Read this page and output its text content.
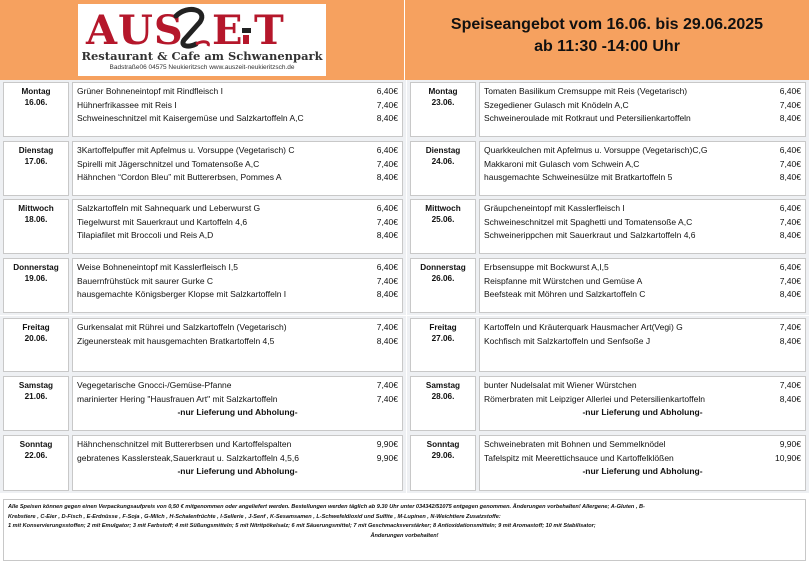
AUS E T
Restaurant & Cafe am Schwanenpark
Badstraße06 04575 Neukieritzsch www.auszeit-neukieritzsch.de
Speiseangebot vom 16.06. bis 29.06.2025
ab 11:30 -14:00 Uhr
Montag
16.06.
Grüner Bohneneintopf mit Rindfleisch I	6,40€
Hühnerfrikassee mit Reis I	7,40€
Schweineschnitzel mit Kaisergemüse und Salzkartoffeln A,C	8,40€
Dienstag
17.06.
3Kartoffelpuffer mit Apfelmus u. Vorsuppe (Vegetarisch) C	6,40€
Spirelli mit Jägerschnitzel und Tomatensoße A,C	7,40€
Hähnchen “Cordon Bleu” mit Buttererbsen, Pommes A	8,40€
Mittwoch
18.06.
Salzkartoffeln mit Sahnequark und Leberwurst G	6,40€
Tiegelwurst mit Sauerkraut und Kartoffeln 4,6	7,40€
Tilapiafilet mit Broccoli und Reis A,D	8,40€
Donnerstag
19.06.
Weise Bohneneintopf mit Kasslerfleisch I,5	6,40€
Bauernfrühstück mit saurer Gurke C	7,40€
hausgemachte Königsberger Klopse mit Salzkartoffeln I	8,40€
Freitag
20.06.
Gurkensalat mit Rührei und Salzkartoffeln (Vegetarisch)	7,40€
Zigeunersteak mit hausgemachten Bratkartoffeln 4,5	8,40€
Samstag
21.06.
Vegegetarische Gnocci-/Gemüse-Pfanne	7,40€
marinierter Hering "Hausfrauen Art" mit Salzkartoffeln	7,40€
-nur Lieferung und Abholung-
Sonntag
22.06.
Hähnchenschnitzel mit Buttererbsen und Kartoffelspalten	9,90€
gebratenes Kasslersteak,Sauerkraut u. Salzkartoffeln 4,5,6	9,90€
-nur Lieferung und Abholung-
Montag
23.06.
Tomaten Basilikum Cremsuppe mit Reis (Vegetarisch)	6,40€
Szegediener Gulasch mit Knödeln A,C	7,40€
Schweineroulade mit Rotkraut und Petersilienkartoffeln	8,40€
Dienstag
24.06.
Quarkkeulchen mit Apfelmus u. Vorsuppe (Vegetarisch)C,G	6,40€
Makkaroni mit Gulasch vom Schwein A,C	7,40€
hausgemachte Schweinesülze mit Bratkartoffeln 5	8,40€
Mittwoch
25.06.
Gräupcheneintopf mit Kasslerfleisch I	6,40€
Schweineschnitzel mit Spaghetti und Tomatensoße A,C	7,40€
Schweinerippchen mit Sauerkraut und Salzkartoffeln 4,6	8,40€
Donnerstag
26.06.
Erbsensuppe mit Bockwurst A,I,5	6,40€
Reispfanne mit Würstchen und Gemüse A	7,40€
Beefsteak mit Möhren und Salzkartoffeln C	8,40€
Freitag
27.06.
Kartoffeln und Kräuterquark Hausmacher Art(Vegi) G	7,40€
Kochfisch mit Salzkartoffeln und Senfsoße J	8,40€
Samstag
28.06.
bunter Nudelsalat mit Wiener Würstchen	7,40€
Römerbraten mit Leipziger Allerlei und Petersilienkartoffeln	8,40€
-nur Lieferung und Abholung-
Sonntag
29.06.
Schweinebraten mit Bohnen und Semmelknödel	9,90€
Tafelspitz mit Meerettichsauce und Kartoffelklößen	10,90€
-nur Lieferung und Abholung-
Alle Speisen können gegen einen Verpackungsaufpreis von 0,50 € mitgenommen oder angeliefert werden. Bestellungen werden täglich ab 9.30 Uhr unter 034342/51075 entgegen genommen. Änderungen vorbehalten! Allergene; A-Gluten , B-
Krebstiere , C-Eier , D-Fisch , E-Erdnüsse , F-Soja , G-Milch , H-Schalenfrüchte , I-Sellerie , J-Senf , K-Sesamsamen , L-Schwefeldioxid und Sulfite , M-Lupinen , N-Weichtiere Zusatzstoffe:
1 mit Konservierungsstoffen; 2 mit Emulgator; 3 mit Farbstoff; 4 mit Süßungsmitteln; 5 mit Nitritpökelsalz; 6 mit Säuerungsmittel; 7 mit Geschmacksverstärker; 8 Antioxidationsmitteln; 9 mit Aromastoff; 10 mit Stabilisator;
Änderungen vorbehalten!
